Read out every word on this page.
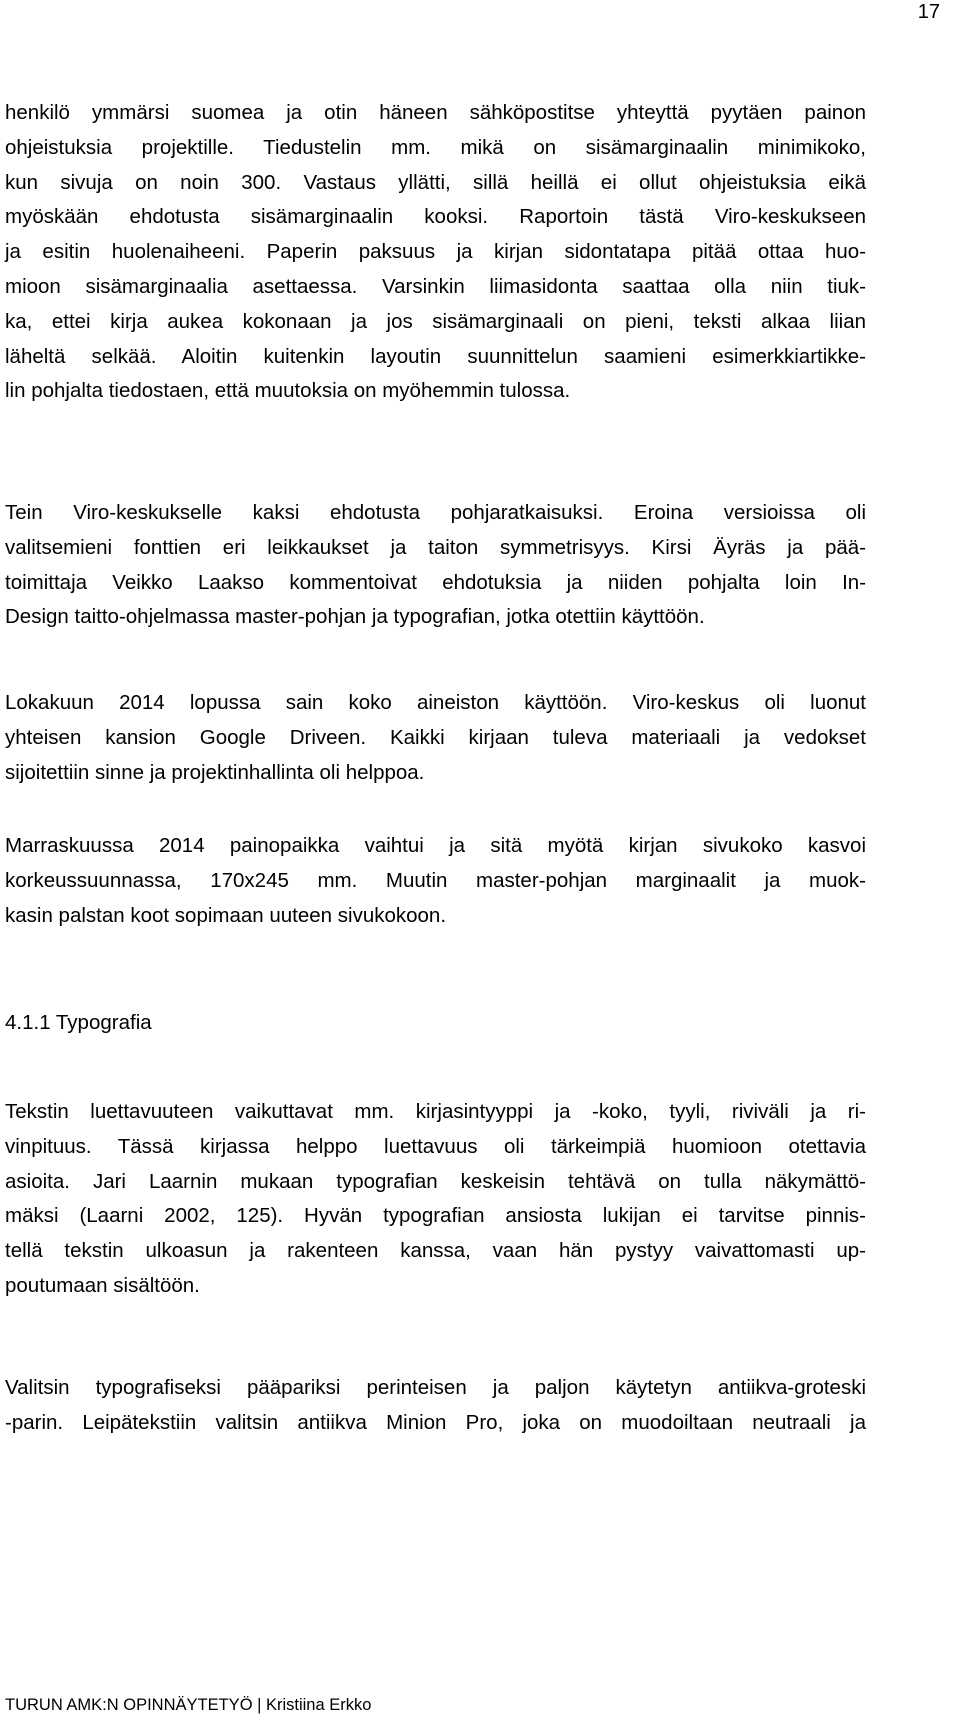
17

henkilö ymmärsi suomea ja otin häneen sähköpostitse yhteyttä pyytäen painon
ohjeistuksia projektille. Tiedustelin mm. mikä on sisämarginaalin minimikoko,
kun sivuja on noin 300. Vastaus yllätti, sillä heillä ei ollut ohjeistuksia eikä
myöskään ehdotusta sisämarginaalin kooksi. Raportoin tästä Viro-keskukseen
ja esitin huolenaiheeni. Paperin paksuus ja kirjan sidontatapa pitää ottaa huo-
mioon sisämarginaalia asettaessa. Varsinkin liimasidonta saattaa olla niin tiuk-
ka, ettei kirja aukea kokonaan ja jos sisämarginaali on pieni, teksti alkaa liian
läheltä selkää. Aloitin kuitenkin layoutin suunnittelun saamieni esimerkkiartikke-
lin pohjalta tiedostaen, että muutoksia on myöhemmin tulossa.

Tein Viro-keskukselle kaksi ehdotusta pohjaratkaisuksi. Eroina versioissa oli
valitsemieni fonttien eri leikkaukset ja taiton symmetrisyys. Kirsi Äyräs ja pää-
toimittaja Veikko Laakso kommentoivat ehdotuksia ja niiden pohjalta loin In-
Design taitto-ohjelmassa master-pohjan ja typografian, jotka otettiin käyttöön.

Lokakuun 2014 lopussa sain koko aineiston käyttöön. Viro-keskus oli luonut
yhteisen kansion Google Driveen. Kaikki kirjaan tuleva materiaali ja vedokset
sijoitettiin sinne ja projektinhallinta oli helppoa.

Marraskuussa 2014 painopaikka vaihtui ja sitä myötä kirjan sivukoko kasvoi
korkeussuunnassa, 170x245 mm. Muutin master-pohjan marginaalit ja muok-
kasin palstan koot sopimaan uuteen sivukokoon.

4.1.1 Typografia

Tekstin luettavuuteen vaikuttavat mm. kirjasintyyppi ja -koko, tyyli, riviväli ja ri-
vinpituus. Tässä kirjassa helppo luettavuus oli tärkeimpiä huomioon otettavia
asioita. Jari Laarnin mukaan typografian keskeisin tehtävä on tulla näkymättö-
mäksi (Laarni 2002, 125). Hyvän typografian ansiosta lukijan ei tarvitse pinnis-
tellä tekstin ulkoasun ja rakenteen kanssa, vaan hän pystyy vaivattomasti up-
poutumaan sisältöön.

Valitsin typografiseksi pääpariksi perinteisen ja paljon käytetyn antiikva-groteski
-parin. Leipätekstiin valitsin antiikva Minion Pro, joka on muodoiltaan neutraali ja

TURUN AMK:N OPINNÄYTETYÖ | Kristiina Erkko
